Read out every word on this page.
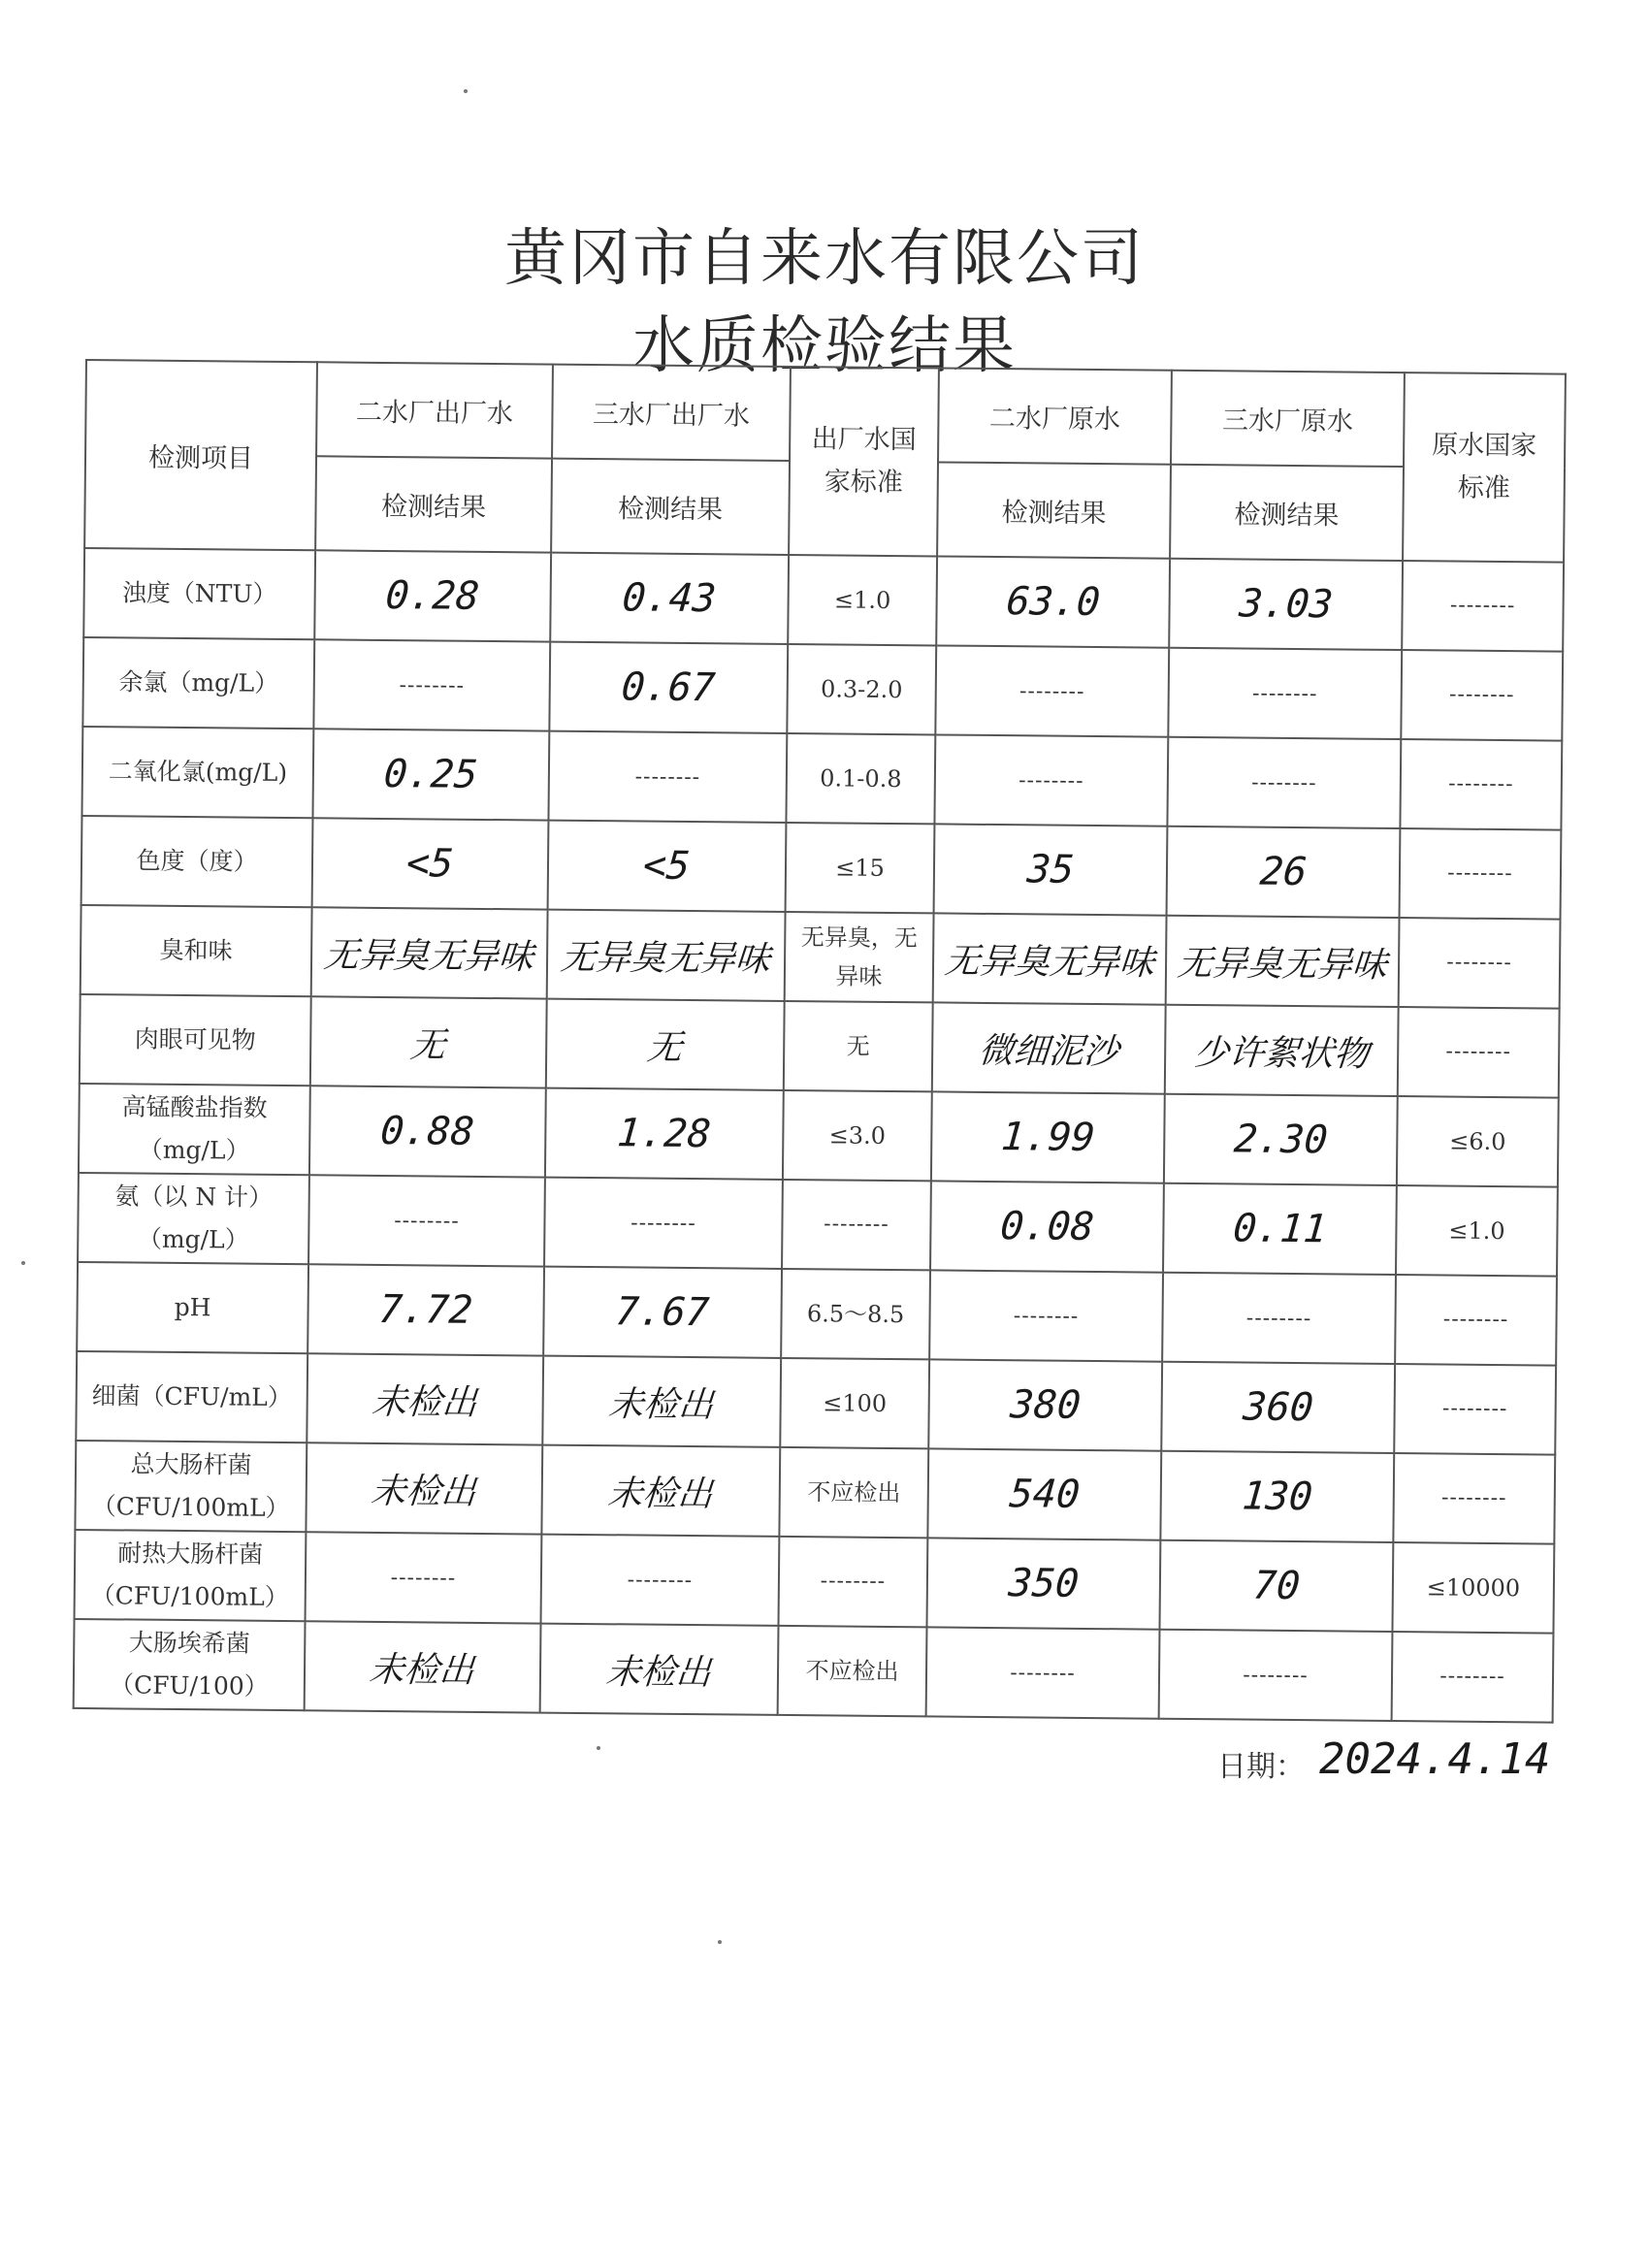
黄冈市自来水有限公司
水质检验结果
检测项目	二水厂出厂水	三水厂出厂水	出厂水国家标准	二水厂原水	三水厂原水	原水国家标准
	检测结果	检测结果		检测结果	检测结果	
浊度（NTU）	0.28	0.43	≤1.0	63.0	3.03	--------
余氯（mg/L）	--------	0.67	0.3-2.0	--------	--------	--------
二氧化氯(mg/L)	0.25	--------	0.1-0.8	--------	--------	--------
色度（度）	<5	<5	≤15	35	26	--------
臭和味	无异臭无异味	无异臭无异味	无异臭，无异味	无异臭无异味	无异臭无异味	--------
肉眼可见物	无	无	无	微细泥沙	少许絮状物	--------
高锰酸盐指数（mg/L）	0.88	1.28	≤3.0	1.99	2.30	≤6.0
氨（以 N 计）（mg/L）	--------	--------	--------	0.08	0.11	≤1.0
pH	7.72	7.67	6.5～8.5	--------	--------	--------
细菌（CFU/mL）	未检出	未检出	≤100	380	360	--------
总大肠杆菌（CFU/100mL）	未检出	未检出	不应检出	540	130	--------
耐热大肠杆菌（CFU/100mL）	--------	--------	--------	350	70	≤10000
大肠埃希菌（CFU/100）	未检出	未检出	不应检出	--------	--------	--------
日期： 2024.4.14
